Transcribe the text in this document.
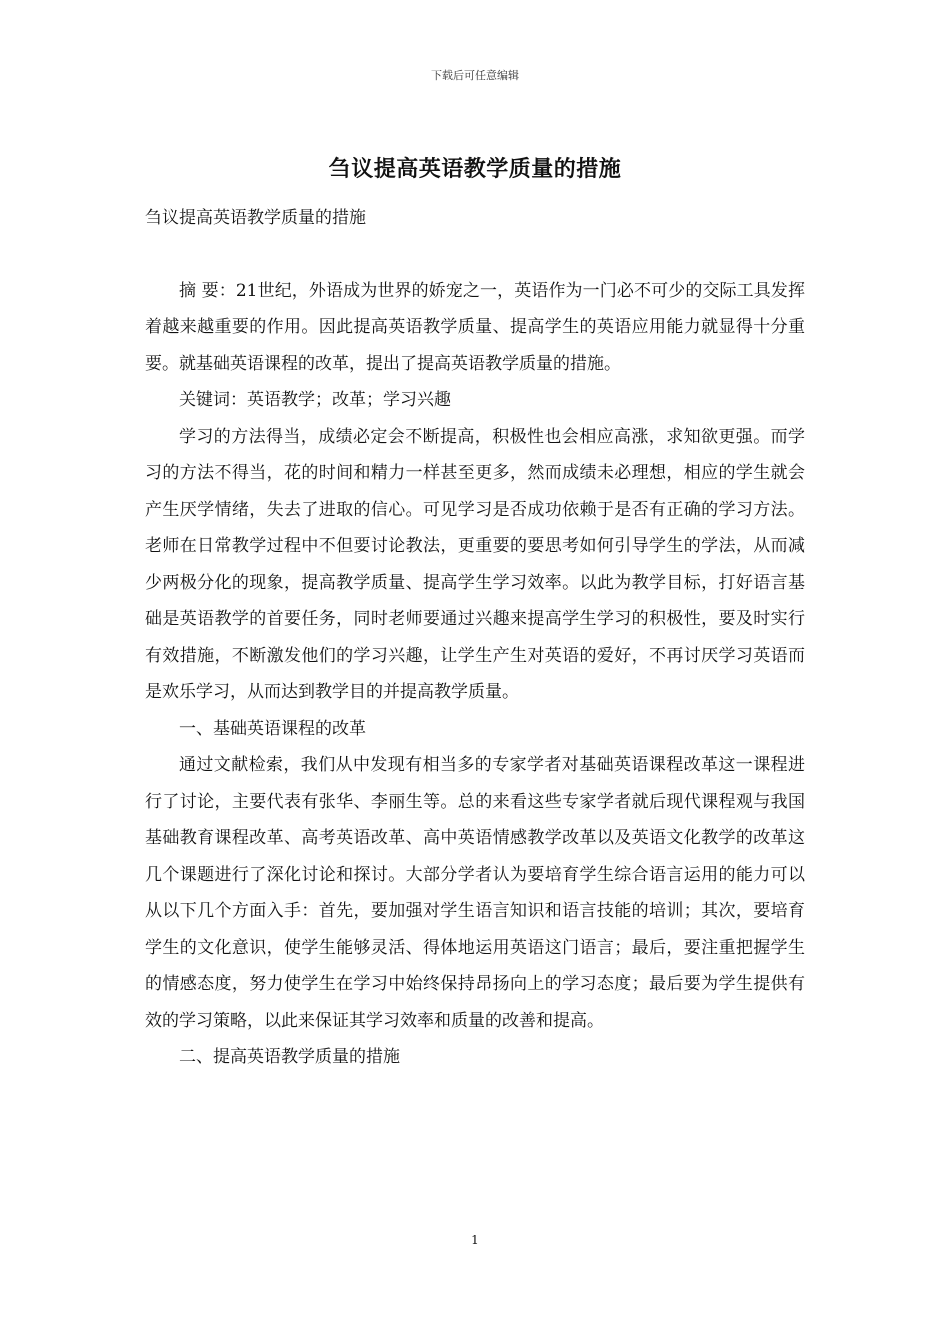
下载后可任意编辑
刍议提高英语教学质量的措施

刍议提高英语教学质量的措施

摘 要：21世纪，外语成为世界的娇宠之一，英语作为一门必不可少的交际工具发挥着越来越重要的作用。因此提高英语教学质量、提高学生的英语应用能力就显得十分重要。就基础英语课程的改革，提出了提高英语教学质量的措施。

关键词：英语教学；改革；学习兴趣

学习的方法得当，成绩必定会不断提高，积极性也会相应高涨，求知欲更强。而学习的方法不得当，花的时间和精力一样甚至更多，然而成绩未必理想，相应的学生就会产生厌学情绪，失去了进取的信心。可见学习是否成功依赖于是否有正确的学习方法。老师在日常教学过程中不但要讨论教法，更重要的要思考如何引导学生的学法，从而减少两极分化的现象，提高教学质量、提高学生学习效率。以此为教学目标，打好语言基础是英语教学的首要任务，同时老师要通过兴趣来提高学生学习的积极性，要及时实行有效措施，不断激发他们的学习兴趣，让学生产生对英语的爱好，不再讨厌学习英语而是欢乐学习，从而达到教学目的并提高教学质量。

一、基础英语课程的改革

通过文献检索，我们从中发现有相当多的专家学者对基础英语课程改革这一课程进行了讨论，主要代表有张华、李丽生等。总的来看这些专家学者就后现代课程观与我国基础教育课程改革、高考英语改革、高中英语情感教学改革以及英语文化教学的改革这几个课题进行了深化讨论和探讨。大部分学者认为要培育学生综合语言运用的能力可以从以下几个方面入手：首先，要加强对学生语言知识和语言技能的培训；其次，要培育学生的文化意识，使学生能够灵活、得体地运用英语这门语言；最后，要注重把握学生的情感态度，努力使学生在学习中始终保持昂扬向上的学习态度；最后要为学生提供有效的学习策略，以此来保证其学习效率和质量的改善和提高。

二、提高英语教学质量的措施

1
